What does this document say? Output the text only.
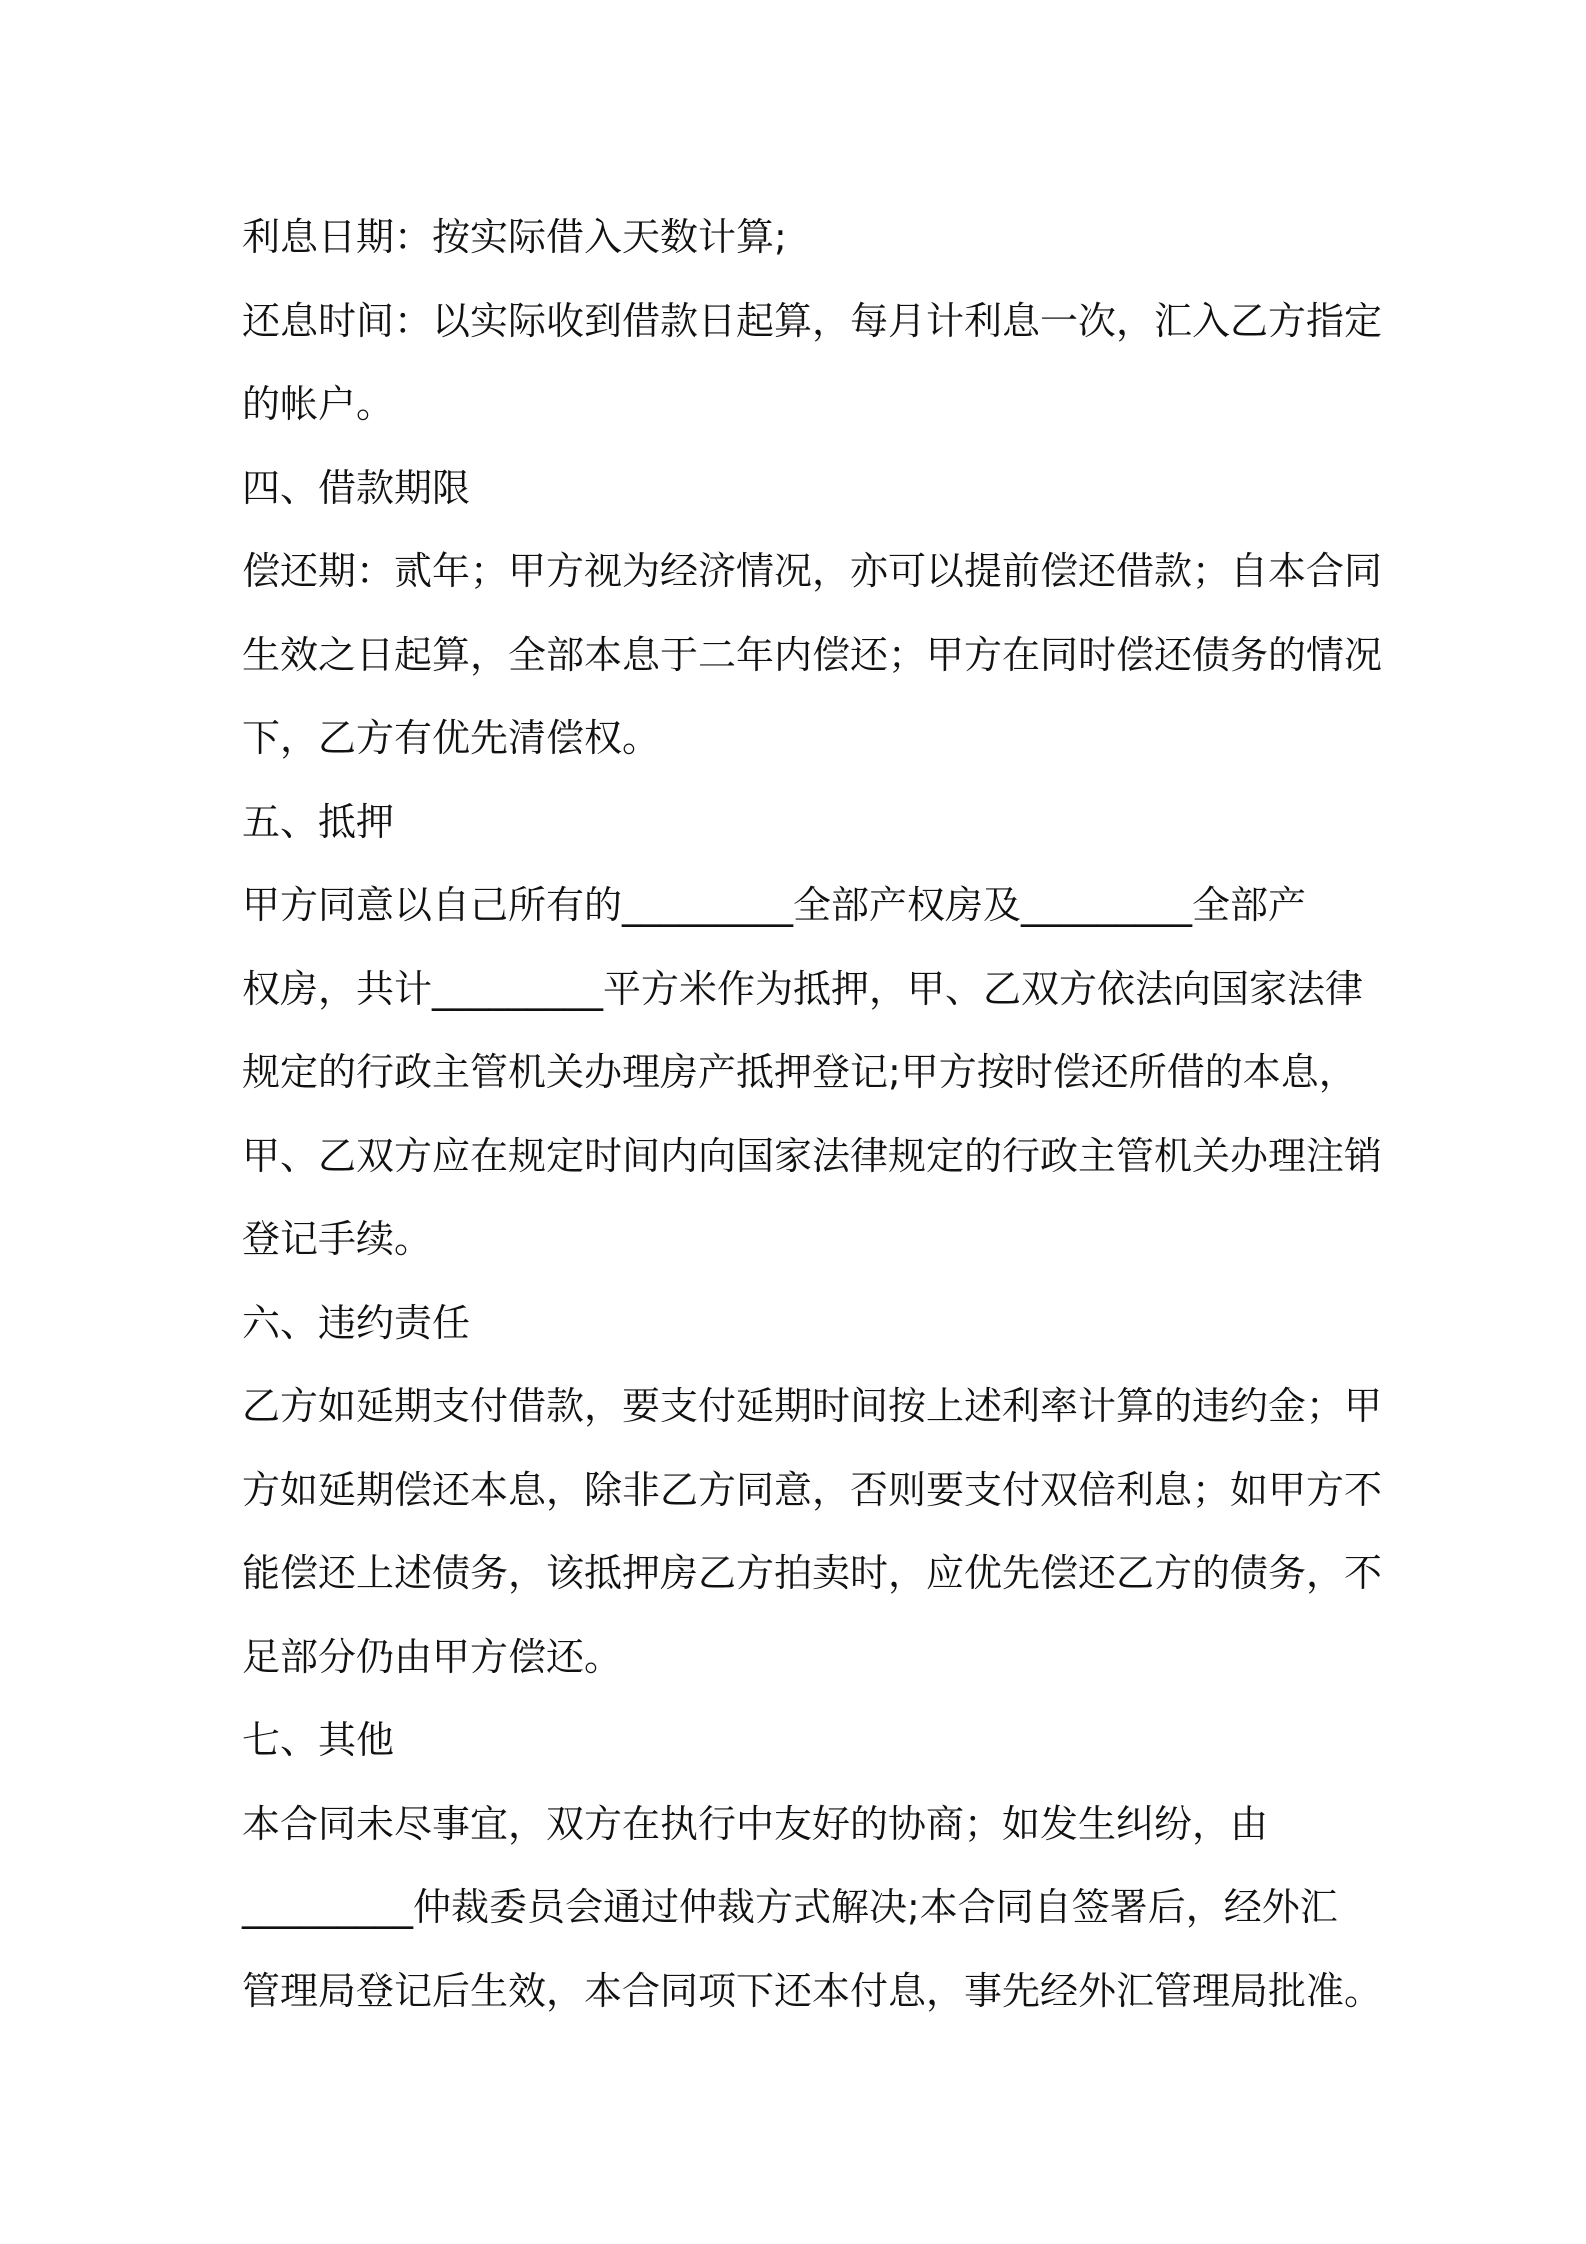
利息日期：按实际借入天数计算;
还息时间：以实际收到借款日起算，每月计利息一次，汇入乙方指定
的帐户。
四、借款期限
偿还期：贰年；甲方视为经济情况，亦可以提前偿还借款；自本合同
生效之日起算，全部本息于二年内偿还；甲方在同时偿还债务的情况
下，乙方有优先清偿权。
五、抵押
甲方同意以自己所有的_________全部产权房及_________全部产
权房，共计_________平方米作为抵押，甲、乙双方依法向国家法律
规定的行政主管机关办理房产抵押登记;甲方按时偿还所借的本息，
甲、乙双方应在规定时间内向国家法律规定的行政主管机关办理注销
登记手续。
六、违约责任
乙方如延期支付借款，要支付延期时间按上述利率计算的违约金；甲
方如延期偿还本息，除非乙方同意，否则要支付双倍利息；如甲方不
能偿还上述债务，该抵押房乙方拍卖时，应优先偿还乙方的债务，不
足部分仍由甲方偿还。
七、其他
本合同未尽事宜，双方在执行中友好的协商；如发生纠纷，由
_________仲裁委员会通过仲裁方式解决;本合同自签署后，经外汇
管理局登记后生效，本合同项下还本付息，事先经外汇管理局批准。
